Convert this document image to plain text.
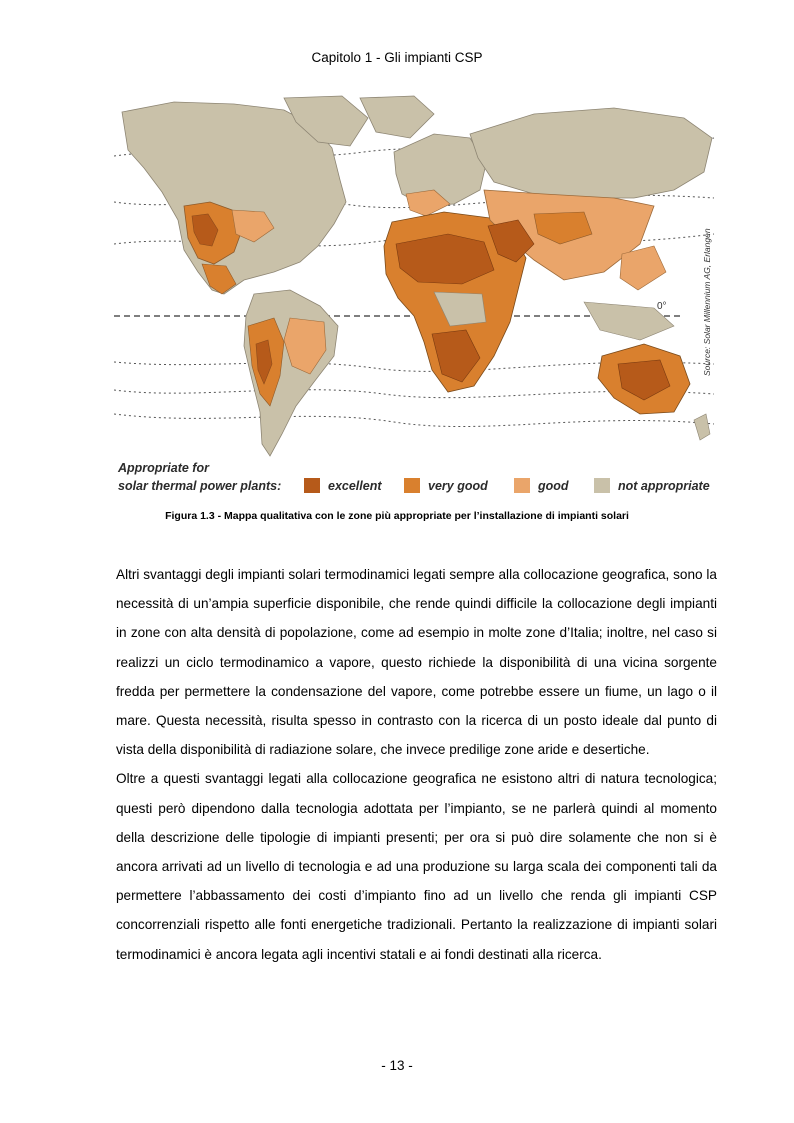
Capitolo 1 - Gli impianti CSP
0°	Source: Solar Millennium AG, Erlangen
Appropriate for
solar thermal power plants:	excellent	very good	good	not appropriate
Figura 1.3 - Mappa qualitativa con le zone più appropriate per l’installazione di impianti solari

Altri svantaggi degli impianti solari termodinamici legati sempre alla collocazione geografica, sono la necessità di un’ampia superficie disponibile, che rende quindi difficile la collocazione degli impianti in zone con alta densità di popolazione, come ad esempio in molte zone d’Italia; inoltre, nel caso si realizzi un ciclo termodinamico a vapore, questo richiede la disponibilità di una vicina sorgente fredda per permettere la condensazione del vapore, come potrebbe essere un fiume, un lago o il mare. Questa necessità, risulta spesso in contrasto con la ricerca di un posto ideale dal punto di vista della disponibilità di radiazione solare, che invece predilige zone aride e desertiche.

Oltre a questi svantaggi legati alla collocazione geografica ne esistono altri di natura tecnologica; questi però dipendono dalla tecnologia adottata per l’impianto, se ne parlerà quindi al momento della descrizione delle tipologie di impianti presenti; per ora si può dire solamente che non si è ancora arrivati ad un livello di tecnologia e ad una produzione su larga scala dei componenti tali da permettere l’abbassamento dei costi d’impianto fino ad un livello che renda gli impianti CSP concorrenziali rispetto alle fonti energetiche tradizionali. Pertanto la realizzazione di impianti solari termodinamici è ancora legata agli incentivi statali e ai fondi destinati alla ricerca.

- 13 -
